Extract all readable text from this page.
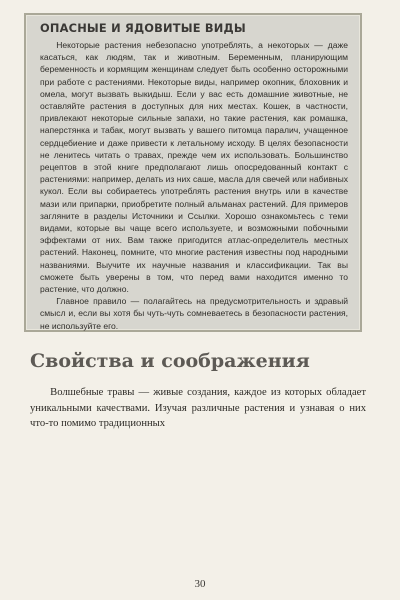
ОПАСНЫЕ И ЯДОВИТЫЕ ВИДЫ

Некоторые растения небезопасно употреблять, а некоторых — даже касаться, как людям, так и животным. Беременным, планирующим беременность и кормящим женщинам следует быть особенно осторожными при работе с растениями. Некоторые виды, например окопник, блоховник и омела, могут вызвать выкидыш. Если у вас есть домашние животные, не оставляйте растения в доступных для них местах. Кошек, в частности, привлекают некоторые сильные запахи, но такие растения, как ромашка, наперстянка и табак, могут вызвать у вашего питомца паралич, учащенное сердцебиение и даже привести к летальному исходу. В целях безопасности не ленитесь читать о травах, прежде чем их использовать. Большинство рецептов в этой книге предполагают лишь опосредованный контакт с растениями: например, делать из них саше, масла для свечей или набивных кукол. Если вы собираетесь употреблять растения внутрь или в качестве мази или припарки, приобретите полный альманах растений. Для примеров загляните в разделы Источники и Ссылки. Хорошо ознакомьтесь с теми видами, которые вы чаще всего используете, и возможными побочными эффектами от них. Вам также пригодится атлас-определитель местных растений. Наконец, помните, что многие растения известны под народными названиями. Выучите их научные названия и классификации. Так вы сможете быть уверены в том, что перед вами находится именно то растение, что должно.

Главное правило — полагайтесь на предусмотрительность и здравый смысл и, если вы хотя бы чуть-чуть сомневаетесь в безопасности растения, не используйте его.

Свойства и соображения

Волшебные травы — живые создания, каждое из которых обладает уникальными качествами. Изучая различные растения и узнавая о них что-то помимо традиционных

30
